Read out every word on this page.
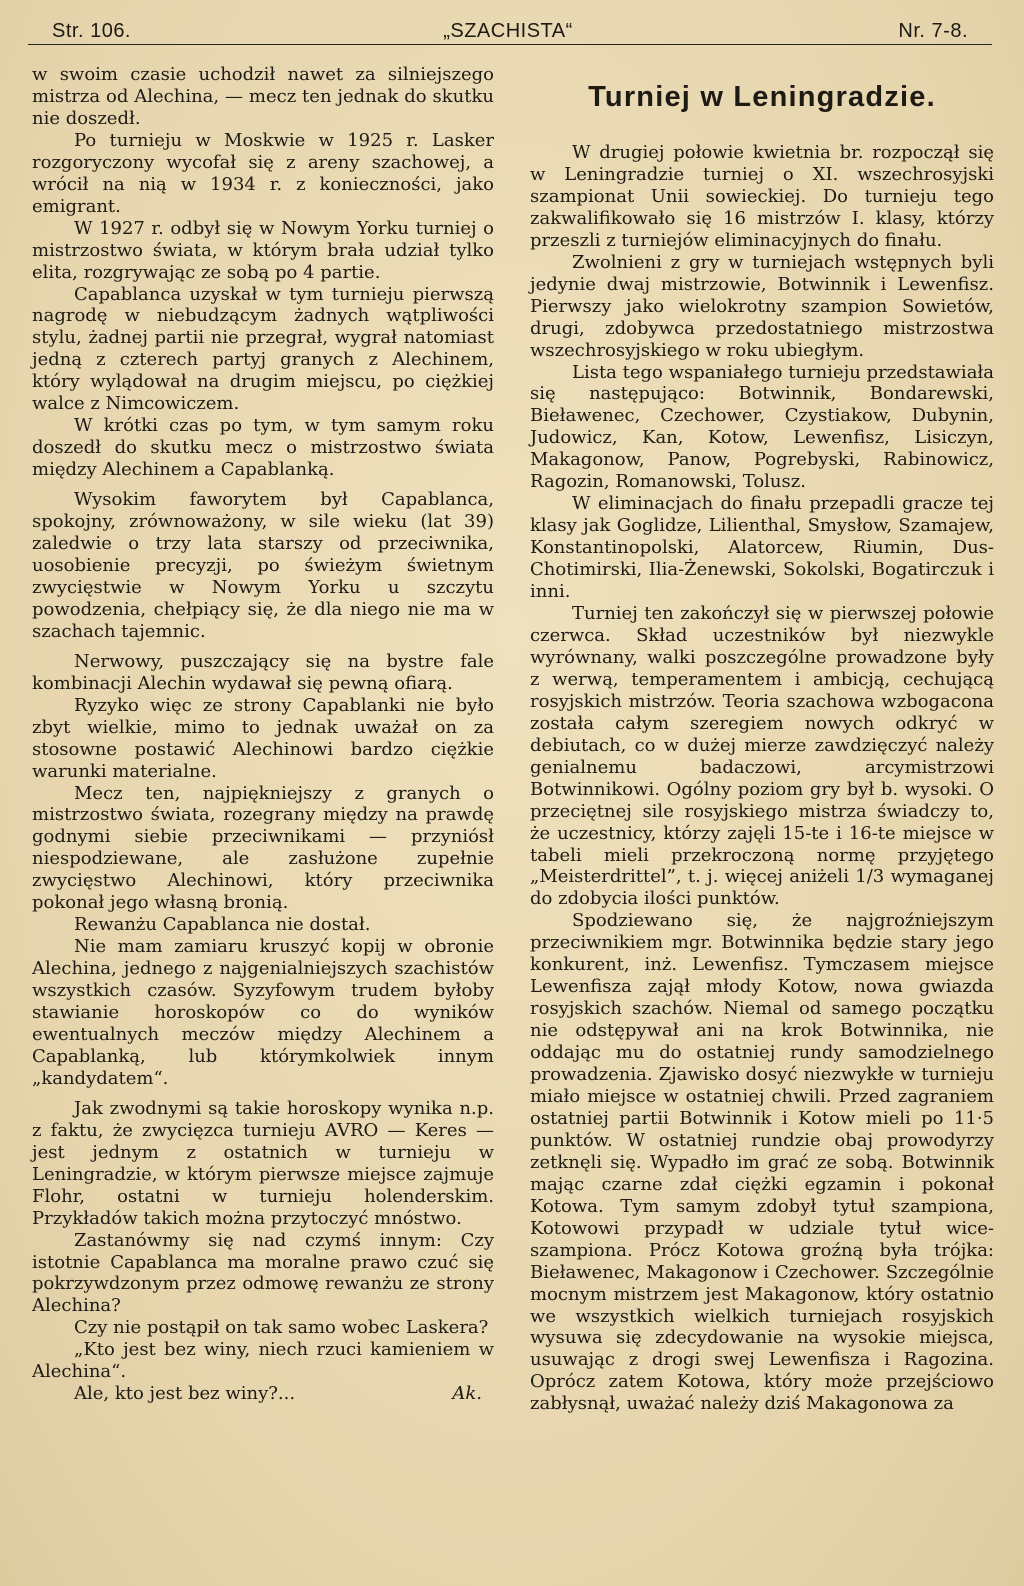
Str. 106.	„SZACHISTA“	Nr. 7-8.

w swoim czasie uchodził nawet za silniejszego mistrza od Alechina, — mecz ten jednak do skutku nie doszedł.

Po turnieju w Moskwie w 1925 r. Lasker rozgoryczony wycofał się z areny szachowej, a wrócił na nią w 1934 r. z konieczności, jako emigrant.

W 1927 r. odbył się w Nowym Yorku turniej o mistrzostwo świata, w którym brała udział tylko elita, rozgrywając ze sobą po 4 partie.

Capablanca uzyskał w tym turnieju pierwszą nagrodę w niebudzącym żadnych wątpliwości stylu, żadnej partii nie przegrał, wygrał natomiast jedną z czterech partyj granych z Alechinem, który wylądował na drugim miejscu, po ciężkiej walce z Nimcowiczem.

W krótki czas po tym, w tym samym roku doszedł do skutku mecz o mistrzostwo świata między Alechinem a Capablanką.

Wysokim faworytem był Capablanca, spokojny, zrównoważony, w sile wieku (lat 39) zaledwie o trzy lata starszy od przeciwnika, uosobienie precyzji, po świeżym świetnym zwycięstwie w Nowym Yorku u szczytu powodzenia, chełpiący się, że dla niego nie ma w szachach tajemnic.

Nerwowy, puszczający się na bystre fale kombinacji Alechin wydawał się pewną ofiarą.

Ryzyko więc ze strony Capablanki nie było zbyt wielkie, mimo to jednak uważał on za stosowne postawić Alechinowi bardzo ciężkie warunki materialne.

Mecz ten, najpiękniejszy z granych o mistrzostwo świata, rozegrany między na prawdę godnymi siebie przeciwnikami — przyniósł niespodziewane, ale zasłużone zupełnie zwycięstwo Alechinowi, który przeciwnika pokonał jego własną bronią.

Rewanżu Capablanca nie dostał.

Nie mam zamiaru kruszyć kopij w obronie Alechina, jednego z najgenialniejszych szachistów wszystkich czasów. Syzyfowym trudem byłoby stawianie horoskopów co do wyników ewentualnych meczów między Alechinem a Capablanką, lub którymkolwiek innym „kandydatem“.

Jak zwodnymi są takie horoskopy wynika n.p. z faktu, że zwycięzca turnieju AVRO — Keres — jest jednym z ostatnich w turnieju w Leningradzie, w którym pierwsze miejsce zajmuje Flohr, ostatni w turnieju holenderskim. Przykładów takich można przytoczyć mnóstwo.

Zastanówmy się nad czymś innym: Czy istotnie Capablanca ma moralne prawo czuć się pokrzywdzonym przez odmowę rewanżu ze strony Alechina?

Czy nie postąpił on tak samo wobec Laskera?

„Kto jest bez winy, niech rzuci kamieniem w Alechina“.

Ale, kto jest bez winy?...	Ak.

Turniej w Leningradzie.

W drugiej połowie kwietnia br. rozpoczął się w Leningradzie turniej o XI. wszechrosyjski szampionat Unii sowieckiej. Do turnieju tego zakwalifikowało się 16 mistrzów I. klasy, którzy przeszli z turniejów eliminacyjnych do finału.

Zwolnieni z gry w turniejach wstępnych byli jedynie dwaj mistrzowie, Botwinnik i Lewenfisz. Pierwszy jako wielokrotny szampion Sowietów, drugi, zdobywca przedostatniego mistrzostwa wszechrosyjskiego w roku ubiegłym.

Lista tego wspaniałego turnieju przedstawiała się następująco: Botwinnik, Bondarewski, Bieławenec, Czechower, Czystiakow, Dubynin, Judowicz, Kan, Kotow, Lewenfisz, Lisiczyn, Makagonow, Panow, Pogrebyski, Rabinowicz, Ragozin, Romanowski, Tolusz.

W eliminacjach do finału przepadli gracze tej klasy jak Goglidze, Lilienthal, Smysłow, Szamajew, Konstantinopolski, Alatorcew, Riumin, Dus-Chotimirski, Ilia-Żenewski, Sokolski, Bogatirczuk i inni.

Turniej ten zakończył się w pierwszej połowie czerwca. Skład uczestników był niezwykle wyrównany, walki poszczególne prowadzone były z werwą, temperamentem i ambicją, cechującą rosyjskich mistrzów. Teoria szachowa wzbogacona została całym szeregiem nowych odkryć w debiutach, co w dużej mierze zawdzięczyć należy genialnemu badaczowi, arcymistrzowi Botwinnikowi. Ogólny poziom gry był b. wysoki. O przeciętnej sile rosyjskiego mistrza świadczy to, że uczestnicy, którzy zajęli 15-te i 16-te miejsce w tabeli mieli przekroczoną normę przyjętego „Meisterdrittel”, t. j. więcej aniżeli 1/3 wymaganej do zdobycia ilości punktów.

Spodziewano się, że najgroźniejszym przeciwnikiem mgr. Botwinnika będzie stary jego konkurent, inż. Lewenfisz. Tymczasem miejsce Lewenfisza zajął młody Kotow, nowa gwiazda rosyjskich szachów. Niemal od samego początku nie odstępywał ani na krok Botwinnika, nie oddając mu do ostatniej rundy samodzielnego prowadzenia. Zjawisko dosyć niezwykłe w turnieju miało miejsce w ostatniej chwili. Przed zagraniem ostatniej partii Botwinnik i Kotow mieli po 11·5 punktów. W ostatniej rundzie obaj prowodyrzy zetknęli się. Wypadło im grać ze sobą. Botwinnik mając czarne zdał ciężki egzamin i pokonał Kotowa. Tym samym zdobył tytuł szampiona, Kotowowi przypadł w udziale tytuł wice-szampiona. Prócz Kotowa groźną była trójka: Bieławenec, Makagonow i Czechower. Szczególnie mocnym mistrzem jest Makagonow, który ostatnio we wszystkich wielkich turniejach rosyjskich wysuwa się zdecydowanie na wysokie miejsca, usuwając z drogi swej Lewenfisza i Ragozina. Oprócz zatem Kotowa, który może przejściowo zabłysnął, uważać należy dziś Makagonowa za
